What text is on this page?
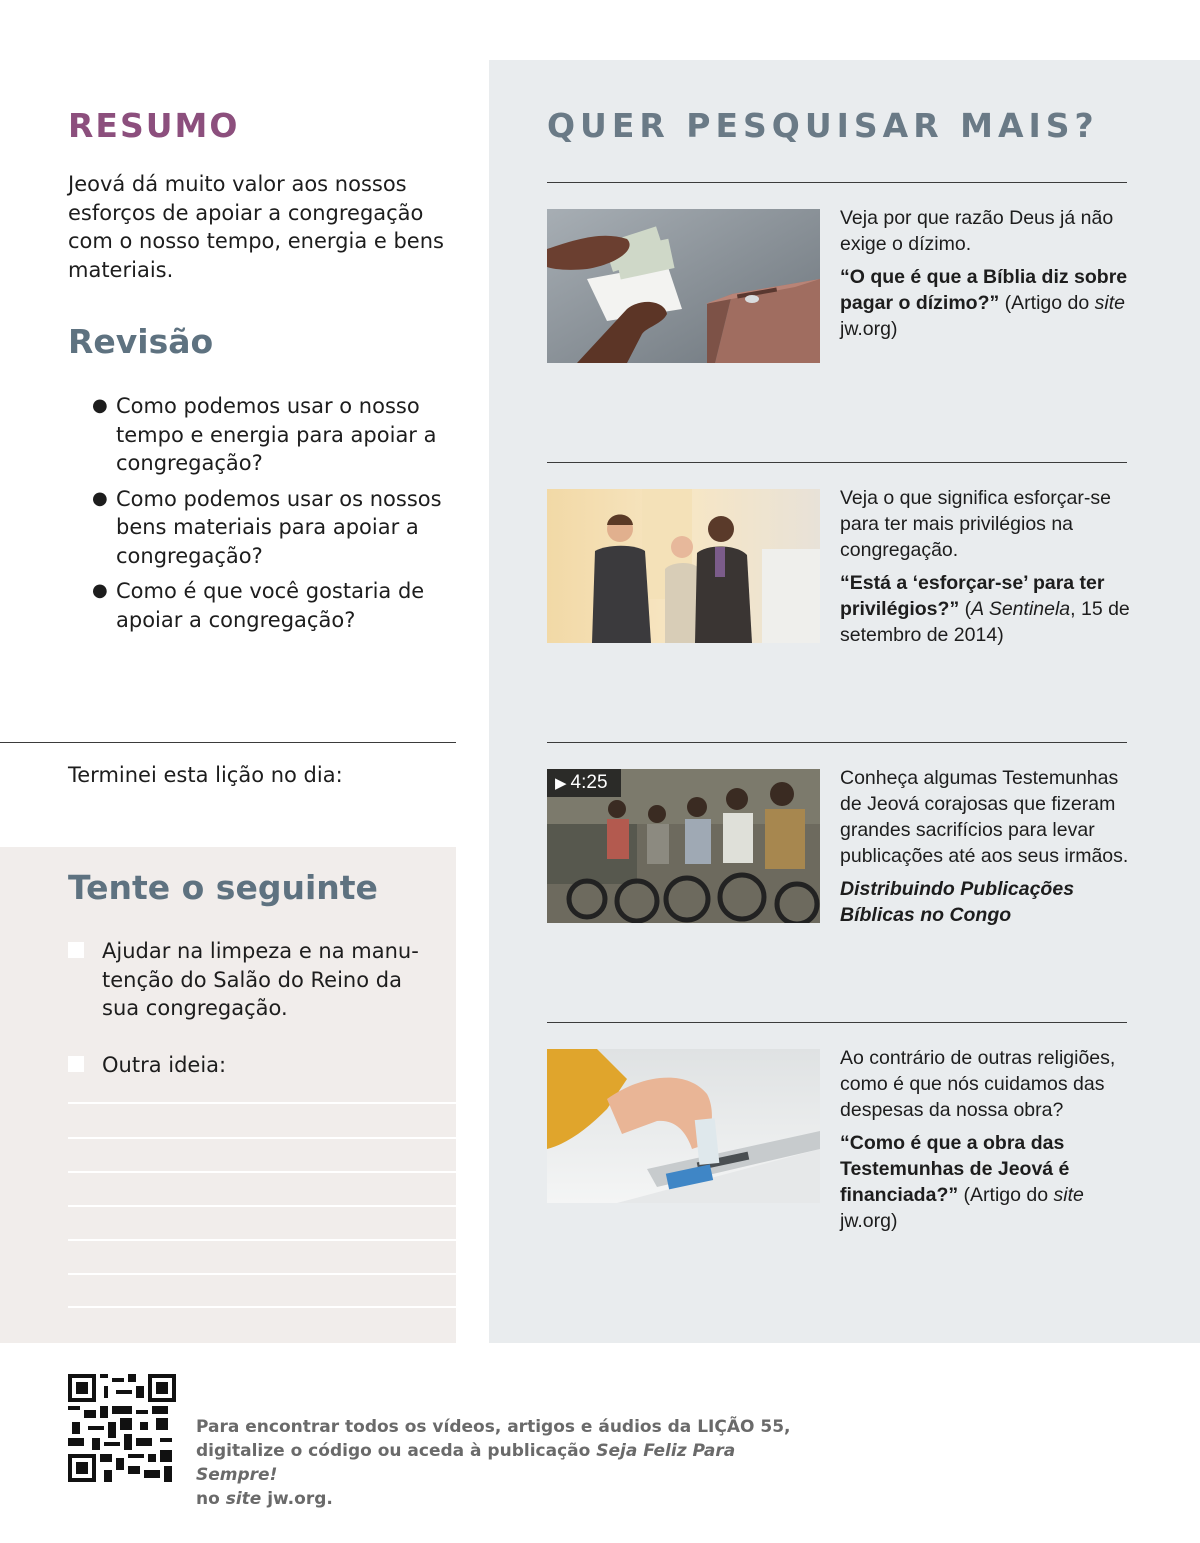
RESUMO

Jeová dá muito valor aos nossos esforços de apoiar a congregação com o nosso tempo, energia e bens materiais.

Revisão
● Como podemos usar o nosso tempo e energia para apoiar a congregação?
● Como podemos usar os nossos bens materiais para apoiar a congregação?
● Como é que você gostaria de apoiar a congregação?

Terminei esta lição no dia:

Tente o seguinte
Ajudar na limpeza e na manutenção do Salão do Reino da sua congregação.
Outra ideia:
QUER PESQUISAR MAIS?
Veja por que razão Deus já não exige o dízimo.
“O que é que a Bíblia diz sobre pagar o dízimo?” (Artigo do site jw.org)
Veja o que significa esforçar-se para ter mais privilégios na congregação.
“Está a ‘esforçar-se’ para ter privilégios?” (A Sentinela, 15 de setembro de 2014)
▶ 4:25	Conheça algumas Testemunhas de Jeová corajosas que fizeram grandes sacrifícios para levar publicações até aos seus irmãos.
Distribuindo Publicações Bíblicas no Congo
Ao contrário de outras religiões, como é que nós cuidamos das despesas da nossa obra?
“Como é que a obra das Testemunhas de Jeová é financiada?” (Artigo do site jw.org)
Para encontrar todos os vídeos, artigos e áudios da LIÇÃO 55,
digitalize o código ou aceda à publicação Seja Feliz Para Sempre!
no site jw.org.
